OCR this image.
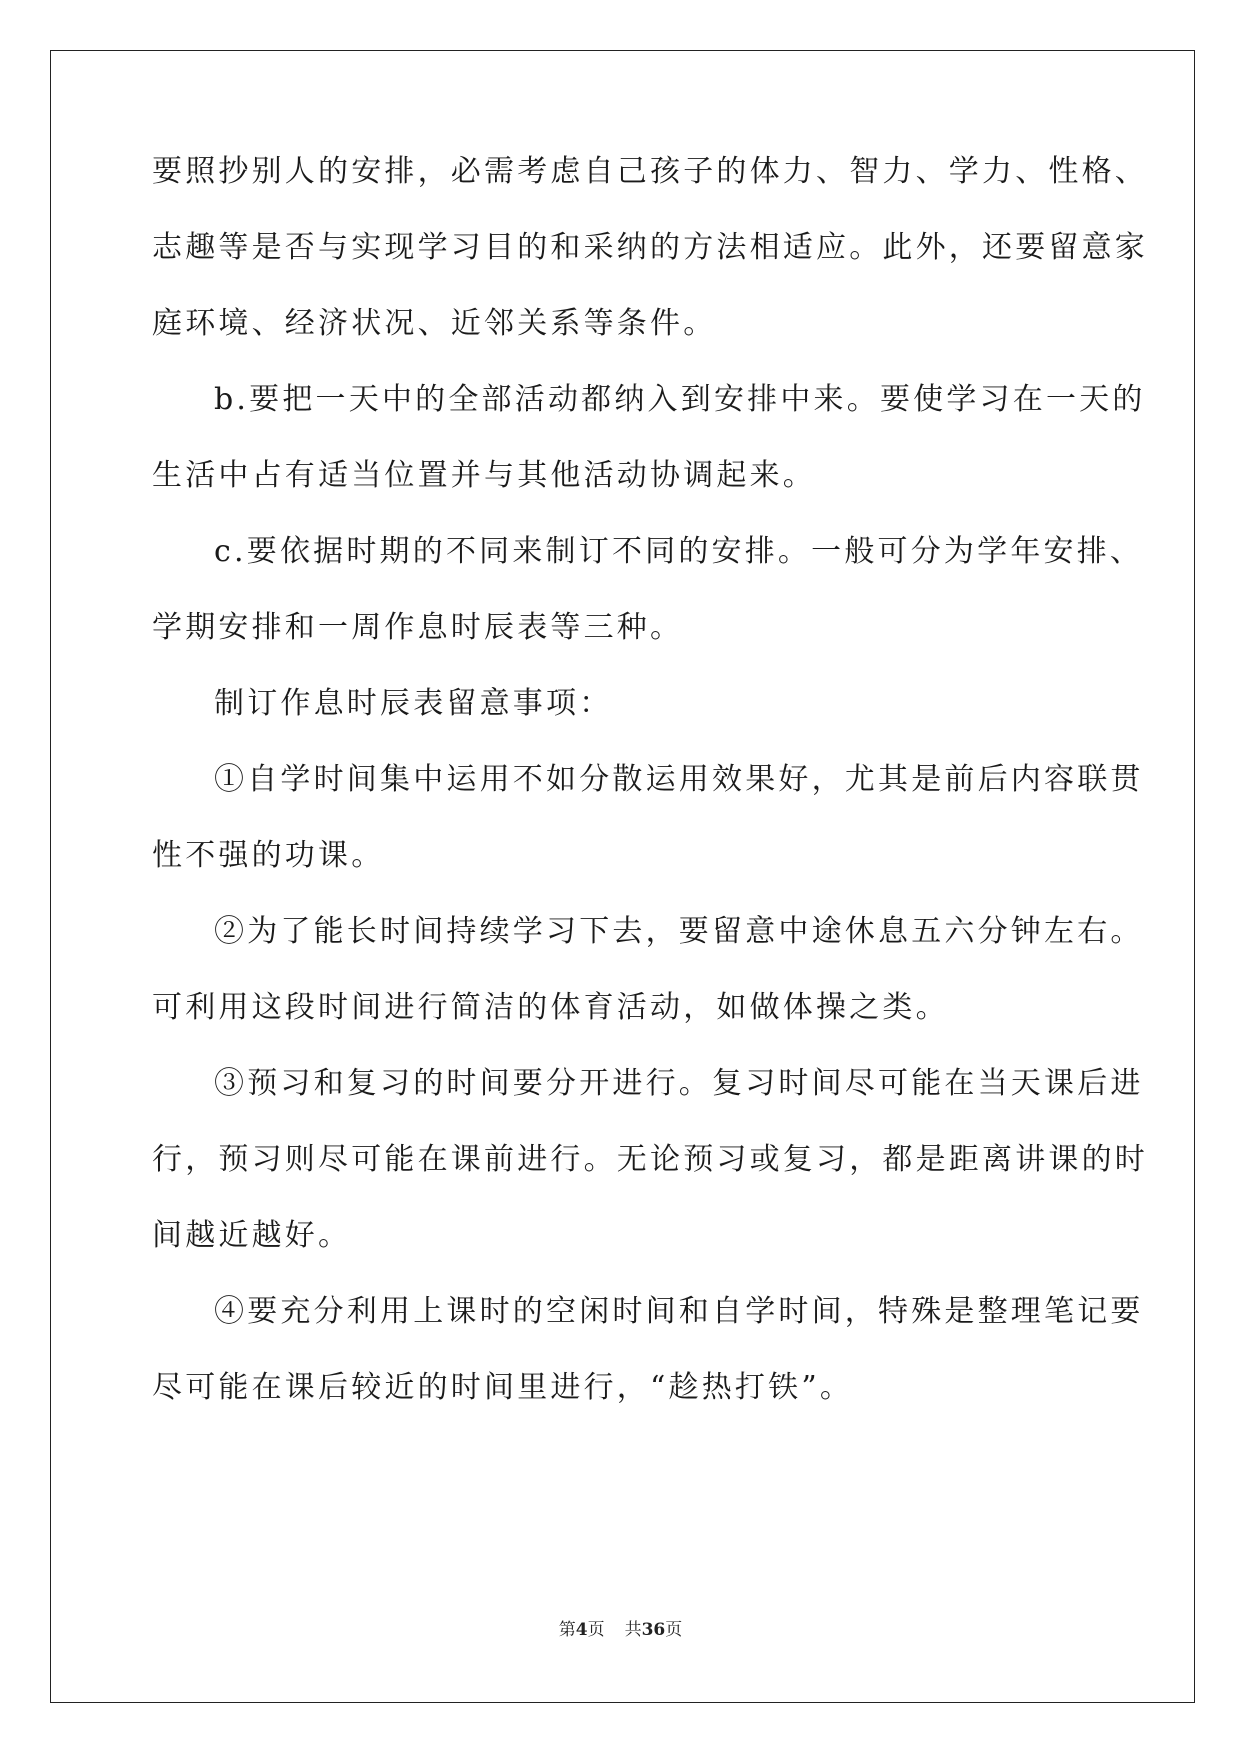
要照抄别人的安排，必需考虑自己孩子的体力、智力、学力、性格、
志趣等是否与实现学习目的和采纳的方法相适应。此外，还要留意家
庭环境、经济状况、近邻关系等条件。
b.要把一天中的全部活动都纳入到安排中来。要使学习在一天的
生活中占有适当位置并与其他活动协调起来。
c.要依据时期的不同来制订不同的安排。一般可分为学年安排、
学期安排和一周作息时辰表等三种。
制订作息时辰表留意事项：
①自学时间集中运用不如分散运用效果好，尤其是前后内容联贯
性不强的功课。
②为了能长时间持续学习下去，要留意中途休息五六分钟左右。
可利用这段时间进行简洁的体育活动，如做体操之类。
③预习和复习的时间要分开进行。复习时间尽可能在当天课后进
行，预习则尽可能在课前进行。无论预习或复习，都是距离讲课的时
间越近越好。
④要充分利用上课时的空闲时间和自学时间，特殊是整理笔记要
尽可能在课后较近的时间里进行，“趁热打铁”。
第4页 共36页
